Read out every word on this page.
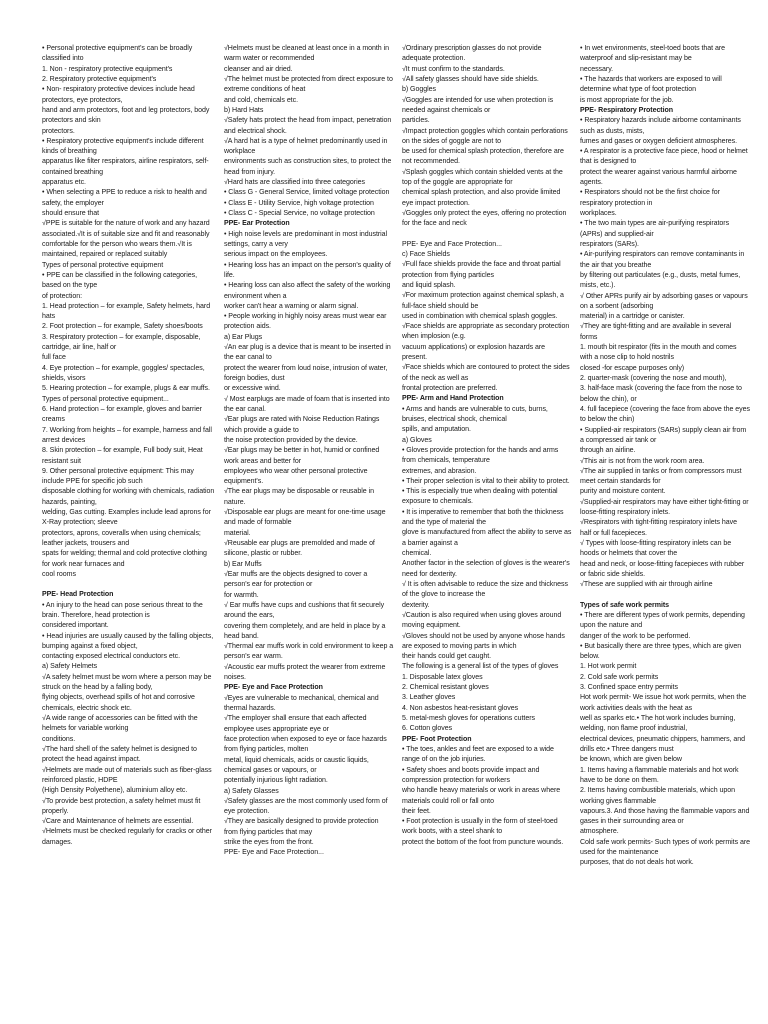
• Personal protective equipment's can be broadly classified into
1. Non - respiratory protective equipment's
2. Respiratory protective equipment's
• Non- respiratory protective devices include head protectors, eye protectors,
hand and arm protectors, foot and leg protectors, body protectors and skin
protectors.
• Respiratory protective equipment's include different kinds of breathing
apparatus like filter respirators, airline respirators, self- contained breathing
apparatus etc.
• When selecting a PPE to reduce a risk to health and safety, the employer
should ensure that
√PPE is suitable for the nature of work and any hazard associated.√It is of suitable size and fit and reasonably comfortable for the person who wears them.√It is maintained, repaired or replaced suitably
Types of personal protective equipment
• PPE can be classified in the following categories, based on the type
of protection:
1. Head protection – for example, Safety helmets, hard hats
2. Foot protection – for example, Safety shoes/boots
3. Respiratory protection – for example, disposable, cartridge, air line, half or
full face
4. Eye protection – for example, goggles/ spectacles, shields, visors
5. Hearing protection – for example, plugs & ear muffs.
Types of personal protective equipment...
6. Hand protection – for example, gloves and barrier creams
7. Working from heights – for example, harness and fall arrest devices
8. Skin protection – for example, Full body suit, Heat resistant suit
9. Other personal protective equipment: This may include PPE for specific job such
disposable clothing for working with chemicals, radiation hazards, painting,
welding, Gas cutting. Examples include lead aprons for X-Ray protection; sleeve
protectors, aprons, coveralls when using chemicals; leather jackets, trousers and
spats for welding; thermal and cold protective clothing for work near furnaces and
cool rooms
PPE- Head Protection
• An injury to the head can pose serious threat to the brain. Therefore, head protection is
considered important.
• Head injuries are usually caused by the falling objects, bumping against a fixed object,
contacting exposed electrical conductors etc.
a) Safety Helmets
√A safety helmet must be worn where a person may be struck on the head by a falling body,
flying objects, overhead spills of hot and corrosive chemicals, electric shock etc.
√A wide range of accessories can be fitted with the helmets for variable working
conditions.
√The hard shell of the safety helmet is designed to protect the head against impact.
√Helmets are made out of materials such as fiber-glass reinforced plastic, HDPE
(High Density Polyethene), aluminium alloy etc.
√To provide best protection, a safety helmet must fit properly.
√Care and Maintenance of helmets are essential.
√Helmets must be checked regularly for cracks or other damages.
√Helmets must be cleaned at least once in a month in warm water or recommended
cleanser and air dried.
√The helmet must be protected from direct exposure to extreme conditions of heat
and cold, chemicals etc.
b) Hard Hats
√Safety hats protect the head from impact, penetration and electrical shock.
√A hard hat is a type of helmet predominantly used in workplace
environments such as construction sites, to protect the head from injury.
√Hard hats are classified into three categories
• Class G - General Service, limited voltage protection
• Class E - Utility Service, high voltage protection
• Class C - Special Service, no voltage protection
PPE- Ear Protection
• High noise levels are predominant in most industrial settings, carry a very
serious impact on the employees.
• Hearing loss has an impact on the person's quality of life.
• Hearing loss can also affect the safety of the working environment when a
worker can't hear a warning or alarm signal.
• People working in highly noisy areas must wear ear protection aids.
a) Ear Plugs
√An ear plug is a device that is meant to be inserted in the ear canal to
protect the wearer from loud noise, intrusion of water, foreign bodies, dust
or excessive wind.
√ Most earplugs are made of foam that is inserted into the ear canal.
√Ear plugs are rated with Noise Reduction Ratings which provide a guide to
the noise protection provided by the device.
√Ear plugs may be better in hot, humid or confined work areas and better for
employees who wear other personal protective equipment's.
√The ear plugs may be disposable or reusable in nature.
√Disposable ear plugs are meant for one-time usage and made of formable
material.
√Reusable ear plugs are premolded and made of silicone, plastic or rubber.
b) Ear Muffs
√Ear muffs are the objects designed to cover a person's ear for protection or
for warmth.
√ Ear muffs have cups and cushions that fit securely around the ears,
covering them completely, and are held in place by a head band.
√Thermal ear muffs work in cold environment to keep a person's ear warm.
√Acoustic ear muffs protect the wearer from extreme noises.
PPE- Eye and Face Protection
√Eyes are vulnerable to mechanical, chemical and thermal hazards.
√The employer shall ensure that each affected employee uses appropriate eye or
face protection when exposed to eye or face hazards from flying particles, molten
metal, liquid chemicals, acids or caustic liquids, chemical gases or vapours, or
potentially injurious light radiation.
a) Safety Glasses
√Safety glasses are the most commonly used form of eye protection.
√They are basically designed to provide protection from flying particles that may
strike the eyes from the front.
PPE- Eye and Face Protection...
√Ordinary prescription glasses do not provide adequate protection.
√It must confirm to the standards.
√All safety glasses should have side shields.
b) Goggles
√Goggles are intended for use when protection is needed against chemicals or
particles.
√Impact protection goggles which contain perforations on the sides of goggle are not to
be used for chemical splash protection, therefore are not recommended.
√Splash goggles which contain shielded vents at the top of the goggle are appropriate for
chemical splash protection, and also provide limited eye impact protection.
√Goggles only protect the eyes, offering no protection for the face and neck
PPE- Eye and Face Protection...
c) Face Shields
√Full face shields provide the face and throat partial protection from flying particles
and liquid splash.
√For maximum protection against chemical splash, a full-face shield should be
used in combination with chemical splash goggles.
√Face shields are appropriate as secondary protection when implosion (e.g.
vacuum applications) or explosion hazards are present.
√Face shields which are contoured to protect the sides of the neck as well as
frontal protection are preferred.
PPE- Arm and Hand Protection
• Arms and hands are vulnerable to cuts, burns, bruises, electrical shock, chemical
spills, and amputation.
a) Gloves
• Gloves provide protection for the hands and arms from chemicals, temperature
extremes, and abrasion.
• Their proper selection is vital to their ability to protect.
• This is especially true when dealing with potential exposure to chemicals.
• It is imperative to remember that both the thickness and the type of material the
glove is manufactured from affect the ability to serve as a barrier against a
chemical.
Another factor in the selection of gloves is the wearer's need for dexterity.
√ It is often advisable to reduce the size and thickness of the glove to increase the
dexterity.
√Caution is also required when using gloves around moving equipment.
√Gloves should not be used by anyone whose hands are exposed to moving parts in which
their hands could get caught.
The following is a general list of the types of gloves
1. Disposable latex gloves
2. Chemical resistant gloves
3. Leather gloves
4. Non asbestos heat-resistant gloves
5. metal-mesh gloves for operations cutters
6. Cotton gloves
PPE- Foot Protection
• The toes, ankles and feet are exposed to a wide range of on the job injuries.
• Safety shoes and boots provide impact and compression protection for workers
who handle heavy materials or work in areas where materials could roll or fall onto
their feet.
• Foot protection is usually in the form of steel-toed work boots, with a steel shank to
protect the bottom of the foot from puncture wounds.
• In wet environments, steel-toed boots that are waterproof and slip-resistant may be
necessary.
• The hazards that workers are exposed to will determine what type of foot protection
is most appropriate for the job.
PPE- Respiratory Protection
• Respiratory hazards include airborne contaminants such as dusts, mists,
fumes and gases or oxygen deficient atmospheres.
• A respirator is a protective face piece, hood or helmet that is designed to
protect the wearer against various harmful airborne agents.
• Respirators should not be the first choice for respiratory protection in
workplaces.
• The two main types are air-purifying respirators (APRs) and supplied-air
respirators (SARs).
• Air-purifying respirators can remove contaminants in the air that you breathe
by filtering out particulates (e.g., dusts, metal fumes, mists, etc.).
√ Other APRs purify air by adsorbing gases or vapours on a sorbent (adsorbing
material) in a cartridge or canister.
√They are tight-fitting and are available in several forms
1. mouth bit respirator (fits in the mouth and comes with a nose clip to hold nostrils
closed -for escape purposes only)
2. quarter-mask (covering the nose and mouth),
3. half-face mask (covering the face from the nose to below the chin), or
4. full facepiece (covering the face from above the eyes to below the chin)
• Supplied-air respirators (SARs) supply clean air from a compressed air tank or
through an airline.
√This air is not from the work room area.
√The air supplied in tanks or from compressors must meet certain standards for
purity and moisture content.
√Supplied-air respirators may have either tight-fitting or loose-fitting respiratory inlets.
√Respirators with tight-fitting respiratory inlets have half or full facepieces.
√ Types with loose-fitting respiratory inlets can be hoods or helmets that cover the
head and neck, or loose-fitting facepieces with rubber or fabric side shields.
√These are supplied with air through airline
Types of safe work permits
• There are different types of work permits, depending upon the nature and
danger of the work to be performed.
• But basically there are three types, which are given below.
1. Hot work permit
2. Cold safe work permits
3. Confined space entry permits
Hot work permit- We issue hot work permits, when the work activities deals with the heat as
well as sparks etc.• The hot work includes burning, welding, non flame proof industrial,
electrical devices, pneumatic chippers, hammers, and drills etc.• Three dangers must
be known, which are given below
1. Items having a flammable materials and hot work have to be done on them.
2. Items having combustible materials, which upon working gives flammable
vapours.3. And those having the flammable vapors and gases in their surrounding area or
atmosphere.
Cold safe work permits- Such types of work permits are used for the maintenance
purposes, that do not deals hot work.
